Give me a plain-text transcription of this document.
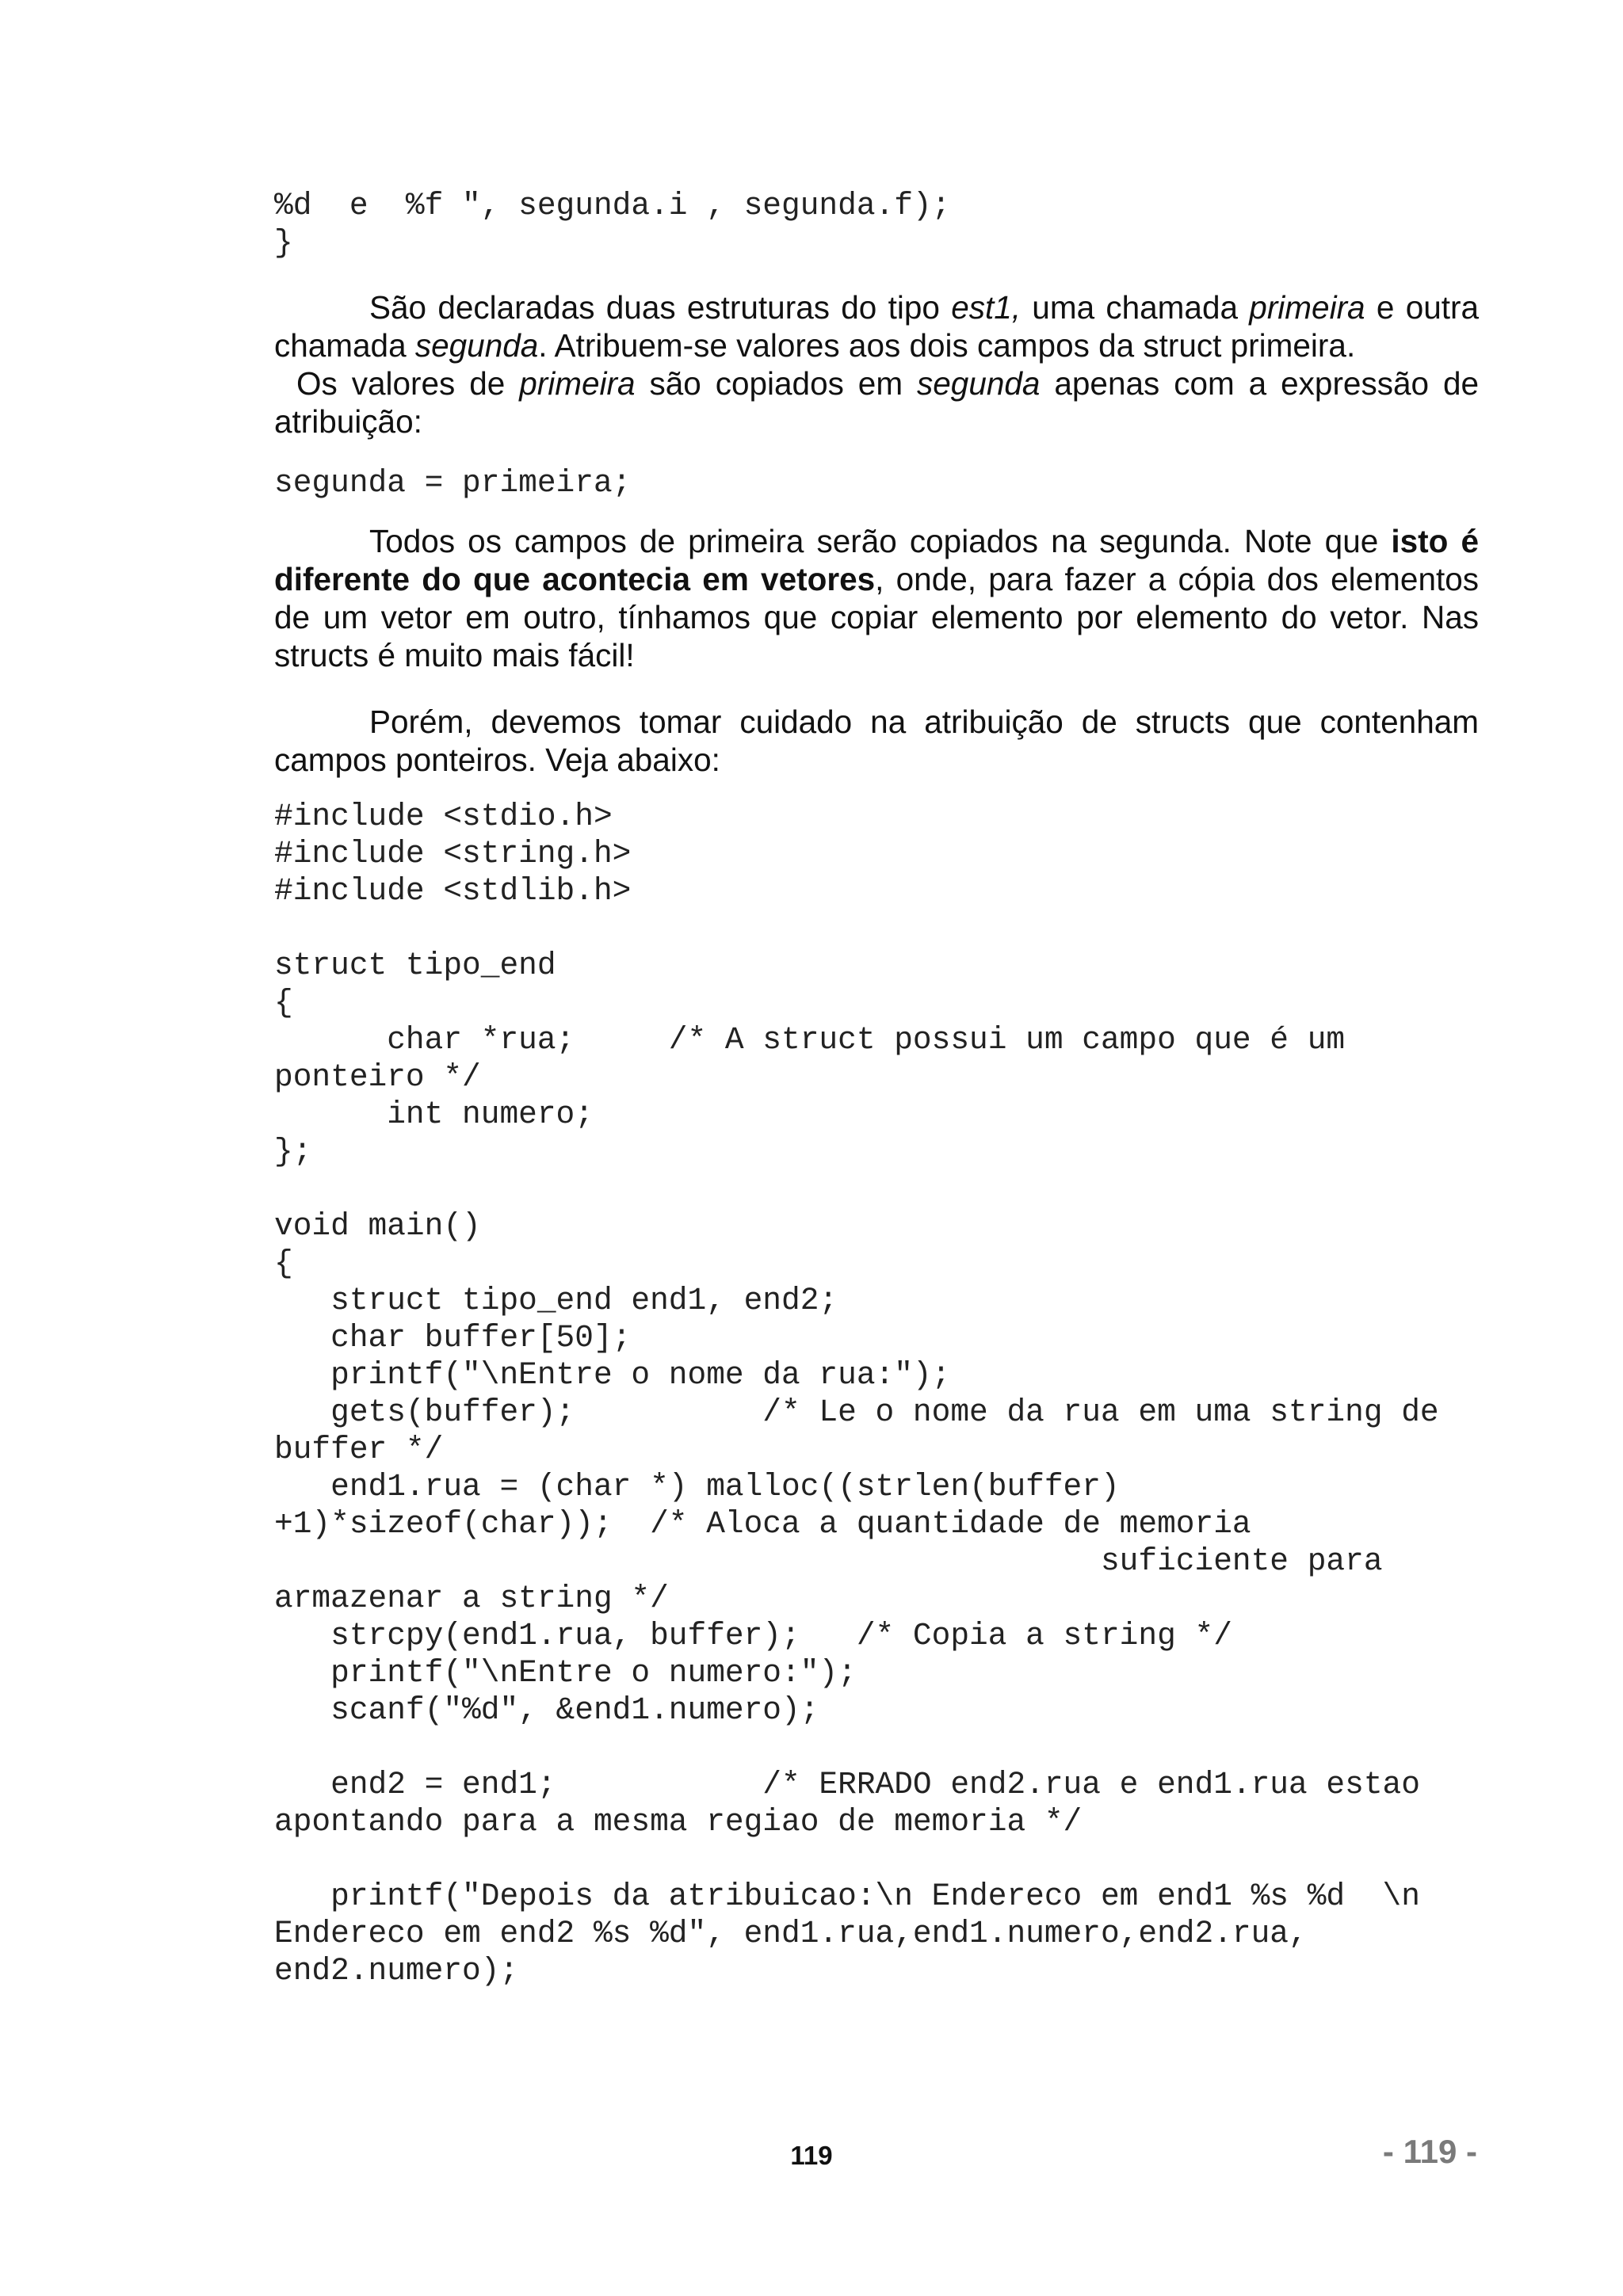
%d  e  %f ", segunda.i , segunda.f);
}

São declaradas duas estruturas do tipo est1, uma chamada primeira e outra chamada segunda. Atribuem-se valores aos dois campos da struct primeira.

Os valores de primeira são copiados em segunda apenas com a expressão de atribuição:

segunda = primeira;

Todos os campos de primeira serão copiados na segunda. Note que isto é diferente do que acontecia em vetores, onde, para fazer a cópia dos elementos de um vetor em outro, tínhamos que copiar elemento por elemento do vetor. Nas structs é muito mais fácil!

Porém, devemos tomar cuidado na atribuição de structs que contenham campos ponteiros. Veja abaixo:

#include <stdio.h>
#include <string.h>
#include <stdlib.h>

struct tipo_end
{
char *rua;     /* A struct possui um campo que é um
ponteiro */
int numero;
};

void main()
{
struct tipo_end end1, end2;
char buffer[50];
printf("\nEntre o nome da rua:");
gets(buffer);          /* Le o nome da rua em uma string de
buffer */
end1.rua = (char *) malloc((strlen(buffer)
+1)*sizeof(char));  /* Aloca a quantidade de memoria
suficiente para
armazenar a string */
strcpy(end1.rua, buffer);   /* Copia a string */
printf("\nEntre o numero:");
scanf("%d", &end1.numero);

end2 = end1;           /* ERRADO end2.rua e end1.rua estao
apontando para a mesma regiao de memoria */

printf("Depois da atribuicao:\n Endereco em end1 %s %d  \n
Endereco em end2 %s %d", end1.rua,end1.numero,end2.rua,
end2.numero);
119	- 119 -
